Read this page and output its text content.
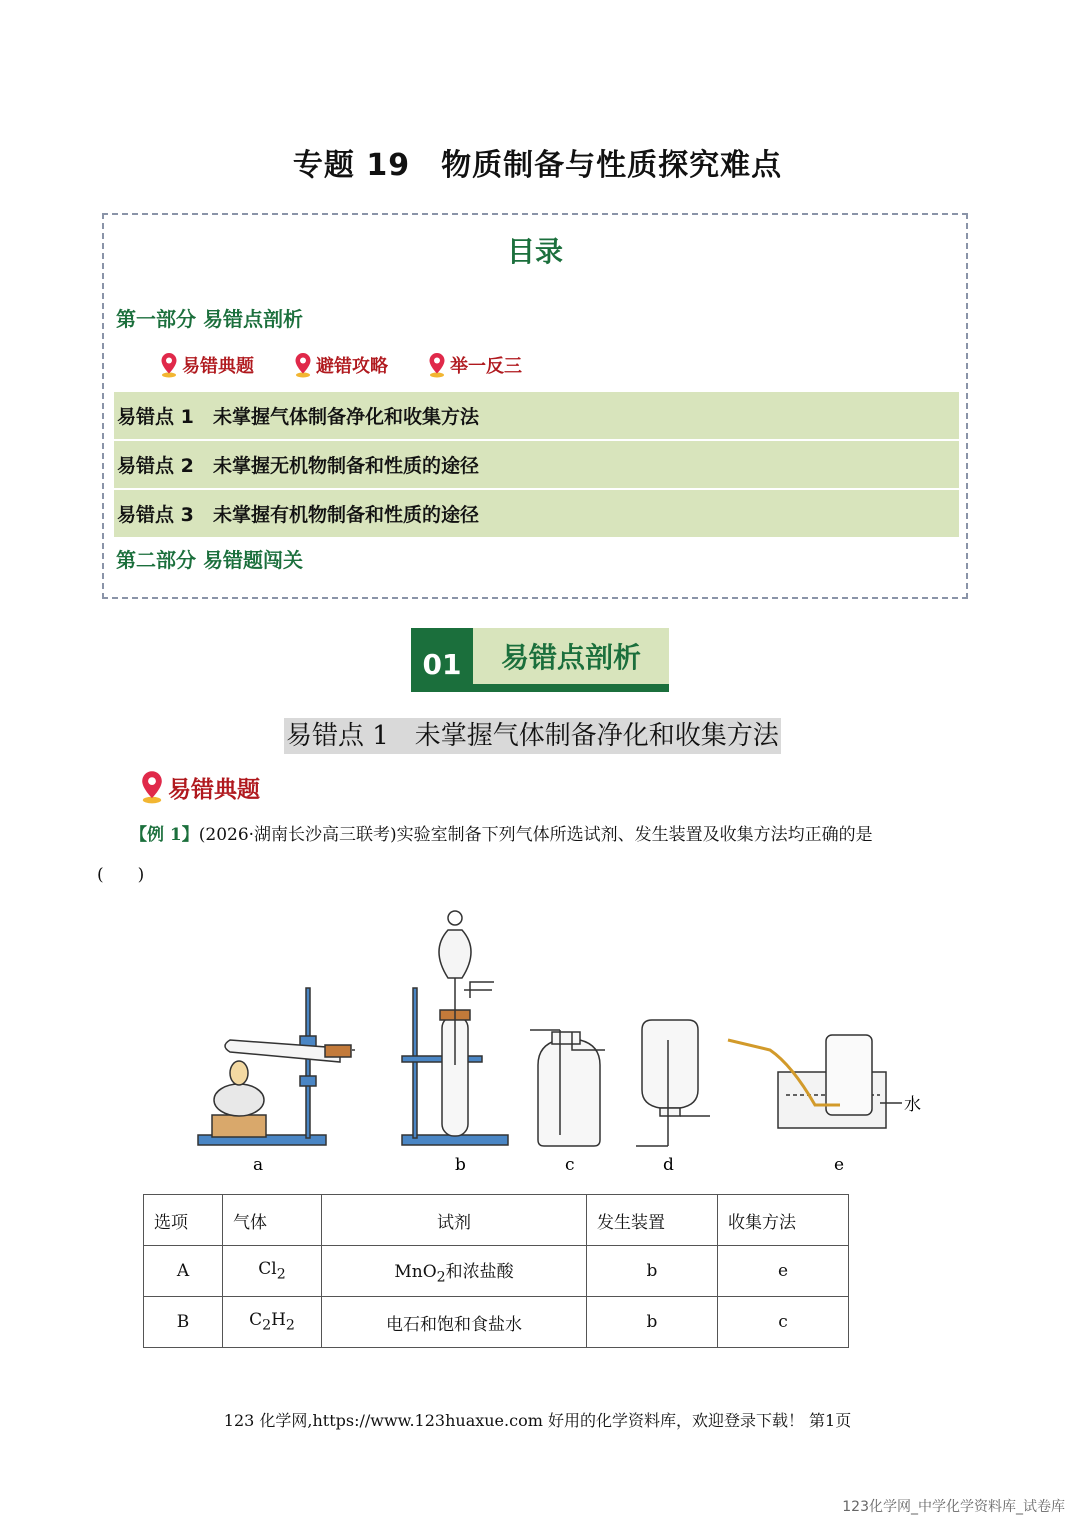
专题 19　物质制备与性质探究难点
目录
第一部分 易错点剖析
易错典题	避错攻略	举一反三
易错点 1	未掌握气体制备净化和收集方法
易错点 2	未掌握无机物制备和性质的途径
易错点 3	未掌握有机物制备和性质的途径
第二部分 易错题闯关
01	易错点剖析
易错点 1　未掌握气体制备净化和收集方法
易错典题
【例 1】(2026·湖南长沙高三联考)实验室制备下列气体所选试剂、发生装置及收集方法均正确的是
(　　)
a	b	c	d	e
水
选项	气体	试剂	发生装置	收集方法
A	$Cl_2$	MnO$_2$和浓盐酸	b	e
B	$C_2H_2$	电石和饱和食盐水	b	c
123 化学网,https://www.123huaxue.com 好用的化学资料库，欢迎登录下载！ 第1页
123化学网_中学化学资料库_试卷库
